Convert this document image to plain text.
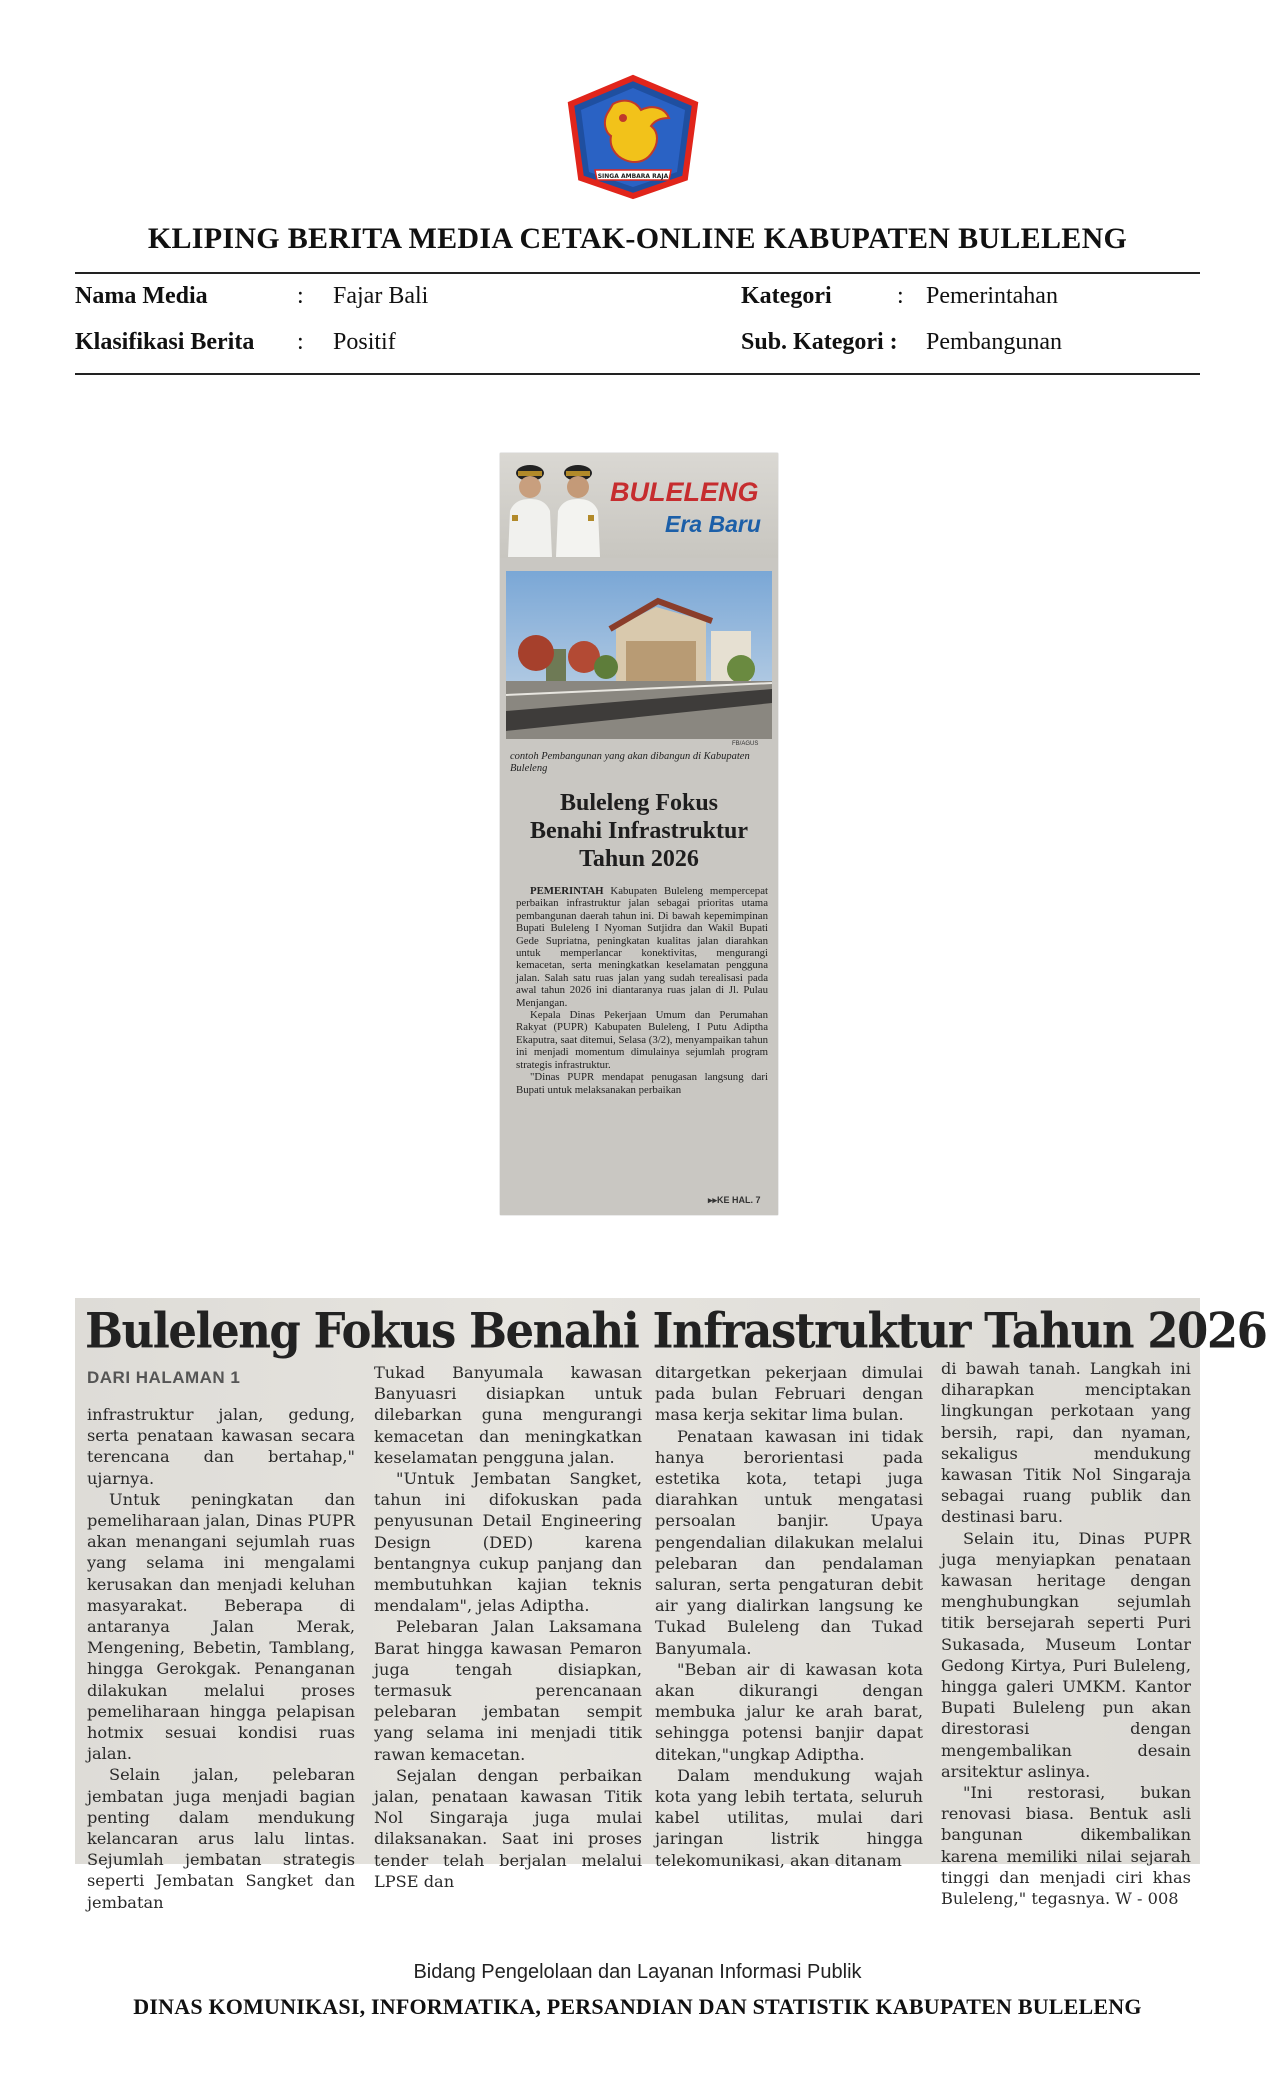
SINGA AMBARA RAJA
KLIPING BERITA MEDIA CETAK-ONLINE KABUPATEN BULELENG
Nama Media	: Fajar Bali	Kategori	: Pemerintahan
Klasifikasi Berita : Positif	Sub. Kategori : Pembangunan
BULELENG
Era Baru
FB/AGUS
contoh Pembangunan yang akan dibangun di Kabupaten Buleleng
Buleleng Fokus
Benahi Infrastruktur
Tahun 2026

PEMERINTAH Kabupaten Buleleng mempercepat perbaikan infrastruktur jalan sebagai prioritas utama pembangunan daerah tahun ini. Di bawah kepemimpinan Bupati Buleleng I Nyoman Sutjidra dan Wakil Bupati Gede Supriatna, peningkatan kualitas jalan diarahkan untuk memperlancar konektivitas, mengurangi kemacetan, serta meningkatkan keselamatan pengguna jalan. Salah satu ruas jalan yang sudah terealisasi pada awal tahun 2026 ini diantaranya ruas jalan di Jl. Pulau Menjangan.

Kepala Dinas Pekerjaan Umum dan Perumahan Rakyat (PUPR) Kabupaten Buleleng, I Putu Adiptha Ekaputra, saat ditemui, Selasa (3/2), menyampaikan tahun ini menjadi momentum dimulainya sejumlah program strategis infrastruktur.

"Dinas PUPR mendapat penugasan langsung dari Bupati untuk melaksanakan perbaikan

▸▸KE HAL. 7
Buleleng Fokus Benahi Infrastruktur Tahun 2026
DARI HALAMAN 1

infrastruktur jalan, gedung, serta penataan kawasan secara terencana dan bertahap," ujarnya.

Untuk peningkatan dan pemeliharaan jalan, Dinas PUPR akan menangani sejumlah ruas yang selama ini mengalami kerusakan dan menjadi keluhan masyarakat. Beberapa di antaranya Jalan Merak, Mengening, Bebetin, Tamblang, hingga Gerokgak. Penanganan dilakukan melalui proses pemeliharaan hingga pelapisan hotmix sesuai kondisi ruas jalan.

Selain jalan, pelebaran jembatan juga menjadi bagian penting dalam mendukung kelancaran arus lalu lintas. Sejumlah jembatan strategis seperti Jembatan Sangket dan jembatan

Tukad Banyumala kawasan Banyuasri disiapkan untuk dilebarkan guna mengurangi kemacetan dan meningkatkan keselamatan pengguna jalan.

"Untuk Jembatan Sangket, tahun ini difokuskan pada penyusunan Detail Engineering Design (DED) karena bentangnya cukup panjang dan membutuhkan kajian teknis mendalam", jelas Adiptha.

Pelebaran Jalan Laksamana Barat hingga kawasan Pemaron juga tengah disiapkan, termasuk perencanaan pelebaran jembatan sempit yang selama ini menjadi titik rawan kemacetan.

Sejalan dengan perbaikan jalan, penataan kawasan Titik Nol Singaraja juga mulai dilaksanakan. Saat ini proses tender telah berjalan melalui LPSE dan

ditargetkan pekerjaan dimulai pada bulan Februari dengan masa kerja sekitar lima bulan.

Penataan kawasan ini tidak hanya berorientasi pada estetika kota, tetapi juga diarahkan untuk mengatasi persoalan banjir. Upaya pengendalian dilakukan melalui pelebaran dan pendalaman saluran, serta pengaturan debit air yang dialirkan langsung ke Tukad Buleleng dan Tukad Banyumala.

"Beban air di kawasan kota akan dikurangi dengan membuka jalur ke arah barat, sehingga potensi banjir dapat ditekan,"ungkap Adiptha.

Dalam mendukung wajah kota yang lebih tertata, seluruh kabel utilitas, mulai dari jaringan listrik hingga telekomunikasi, akan ditanam

di bawah tanah. Langkah ini diharapkan menciptakan lingkungan perkotaan yang bersih, rapi, dan nyaman, sekaligus mendukung kawasan Titik Nol Singaraja sebagai ruang publik dan destinasi baru.

Selain itu, Dinas PUPR juga menyiapkan penataan kawasan heritage dengan menghubungkan sejumlah titik bersejarah seperti Puri Sukasada, Museum Lontar Gedong Kirtya, Puri Buleleng, hingga galeri UMKM. Kantor Bupati Buleleng pun akan direstorasi dengan mengembalikan desain arsitektur aslinya.

"Ini restorasi, bukan renovasi biasa. Bentuk asli bangunan dikembalikan karena memiliki nilai sejarah tinggi dan menjadi ciri khas Buleleng," tegasnya. W - 008

Bidang Pengelolaan dan Layanan Informasi Publik
DINAS KOMUNIKASI, INFORMATIKA, PERSANDIAN DAN STATISTIK KABUPATEN BULELENG
